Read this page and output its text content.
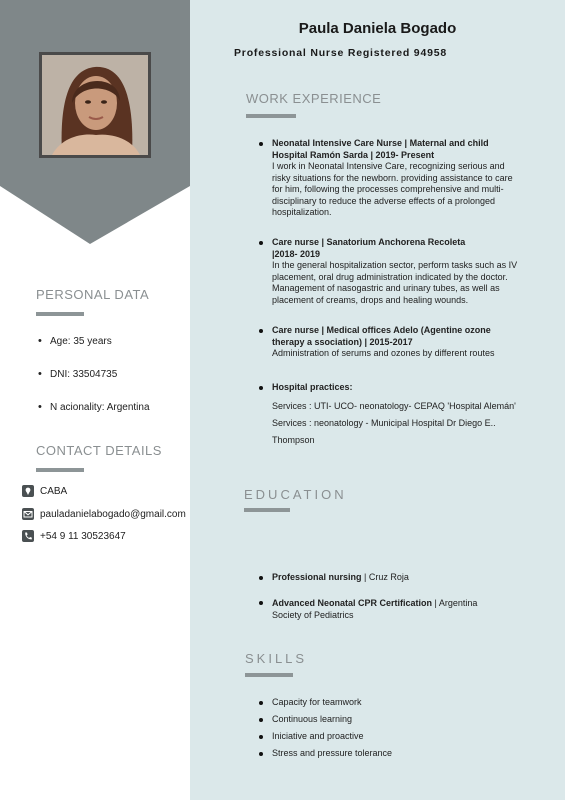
PERSONAL DATA
• Age: 35 years
• DNI: 33504735
• N acionality: Argentina
CONTACT DETAILS
CABA
pauladanielabogado@gmail.com
+54 9 11 30523647
Paula Daniela Bogado
Professional Nurse Registered 94958
WORK EXPERIENCE
Neonatal Intensive Care Nurse | Maternal and child
Hospital Ramón Sarda | 2019- Present
I work in Neonatal Intensive Care, recognizing serious and
risky situations for the newborn. providing assistance to care
for him, following the processes comprehensive and multi-
disciplinary to reduce the adverse effects of a prolonged
hospitalization.
Care nurse | Sanatorium Anchorena Recoleta
|2018- 2019
In the general hospitalization sector, perform tasks such as IV
placement, oral drug administration indicated by the doctor.
Management of nasogastric and urinary tubes, as well as
placement of creams, drops and healing wounds.
Care nurse | Medical offices Adelo (Agentine ozone
therapy a ssociation) | 2015-2017
Administration of serums and ozones by different routes
Hospital practices:
Services : UTI- UCO- neonatology- CEPAQ 'Hospital Alemán'
Services : neonatology - Municipal Hospital Dr Diego E..
Thompson
EDUCATION
Professional nursing | Cruz Roja
Advanced Neonatal CPR Certification | Argentina
Society of Pediatrics
SKILLS
Capacity for teamwork
Continuous learning
Iniciative and proactive
Stress and pressure tolerance
